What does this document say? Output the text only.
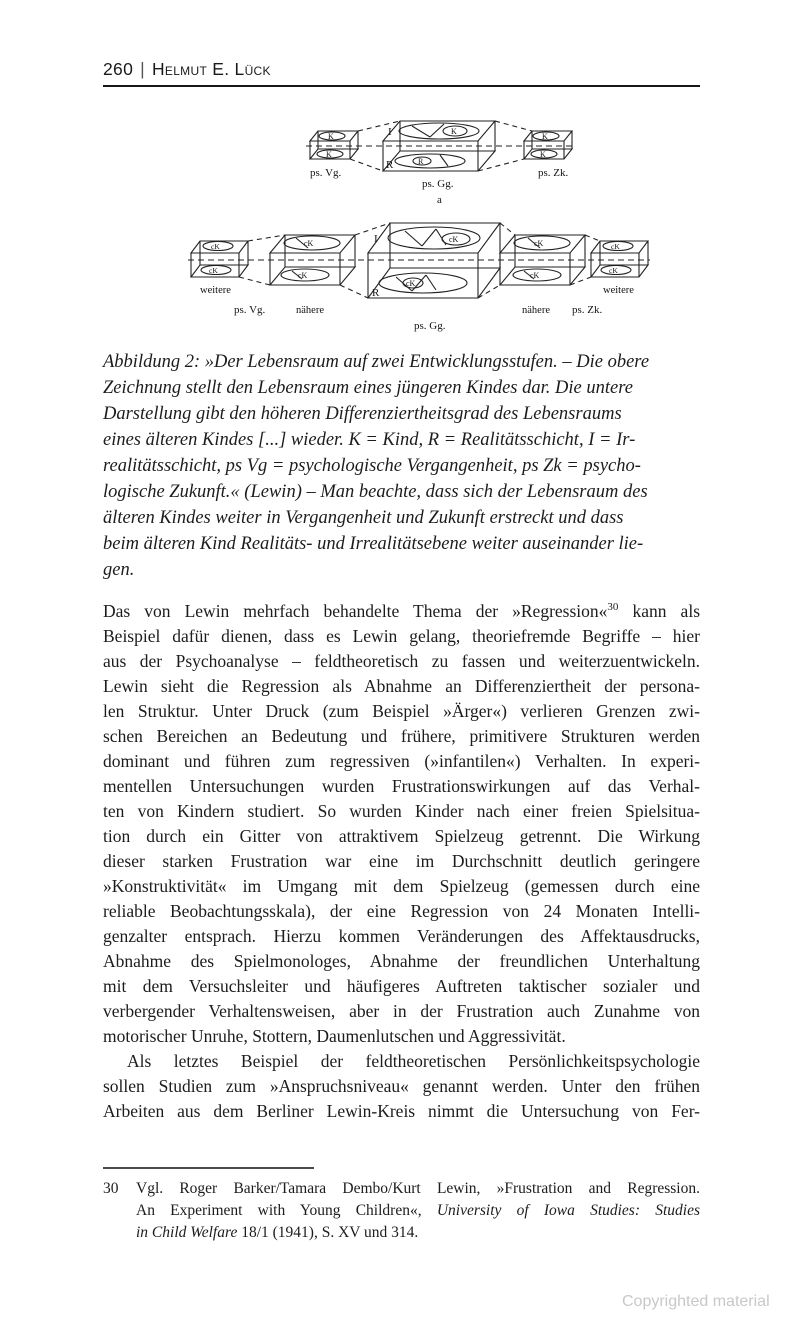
260 | Helmut E. Lück
I
R
K
R
K
K
K
K
ps. Vg.
ps. Gg.
ps. Zk.
a
I
R
cK
cK
cK
cK
cK
cK
cK
cK
cK
cK
weitere
ps. Vg.	nähere
ps. Gg.
nähere ps. Zk.
weitere
Abbildung 2: »Der Lebensraum auf zwei Entwicklungsstufen. – Die obere
Zeichnung stellt den Lebensraum eines jüngeren Kindes dar. Die untere
Darstellung gibt den höheren Differenziertheitsgrad des Lebensraums
eines älteren Kindes [...] wieder. K = Kind, R = Realitätsschicht, I = Ir-
realitätsschicht, ps Vg = psychologische Vergangenheit, ps Zk = psycho-
logische Zukunft.« (Lewin) – Man beachte, dass sich der Lebensraum des
älteren Kindes weiter in Vergangenheit und Zukunft erstreckt und dass
beim älteren Kind Realitäts- und Irrealitätsebene weiter auseinander lie-
gen.
Das von Lewin mehrfach behandelte Thema der »Regression«$^{30}$ kann als
Beispiel dafür dienen, dass es Lewin gelang, theoriefremde Begriffe – hier
aus der Psychoanalyse – feldtheoretisch zu fassen und weiterzuentwickeln.
Lewin sieht die Regression als Abnahme an Differenziertheit der persona-
len Struktur. Unter Druck (zum Beispiel »Ärger«) verlieren Grenzen zwi-
schen Bereichen an Bedeutung und frühere, primitivere Strukturen werden
dominant und führen zum regressiven (»infantilen«) Verhalten. In experi-
mentellen Untersuchungen wurden Frustrationswirkungen auf das Verhal-
ten von Kindern studiert. So wurden Kinder nach einer freien Spielsitua-
tion durch ein Gitter von attraktivem Spielzeug getrennt. Die Wirkung
dieser starken Frustration war eine im Durchschnitt deutlich geringere
»Konstruktivität« im Umgang mit dem Spielzeug (gemessen durch eine
reliable Beobachtungsskala), der eine Regression von 24 Monaten Intelli-
genzalter entsprach. Hierzu kommen Veränderungen des Affektausdrucks,
Abnahme des Spielmonologes, Abnahme der freundlichen Unterhaltung
mit dem Versuchsleiter und häufigeres Auftreten taktischer sozialer und
verbergender Verhaltensweisen, aber in der Frustration auch Zunahme von
motorischer Unruhe, Stottern, Daumenlutschen und Aggressivität.
Als letztes Beispiel der feldtheoretischen Persönlichkeitspsychologie
sollen Studien zum »Anspruchsniveau« genannt werden. Unter den frühen
Arbeiten aus dem Berliner Lewin-Kreis nimmt die Untersuchung von Fer-
30	Vgl. Roger Barker/Tamara Dembo/Kurt Lewin, »Frustration and Regression.
An Experiment with Young Children«, University of Iowa Studies: Studies
in Child Welfare 18/1 (1941), S. XV und 314.
Copyrighted material
